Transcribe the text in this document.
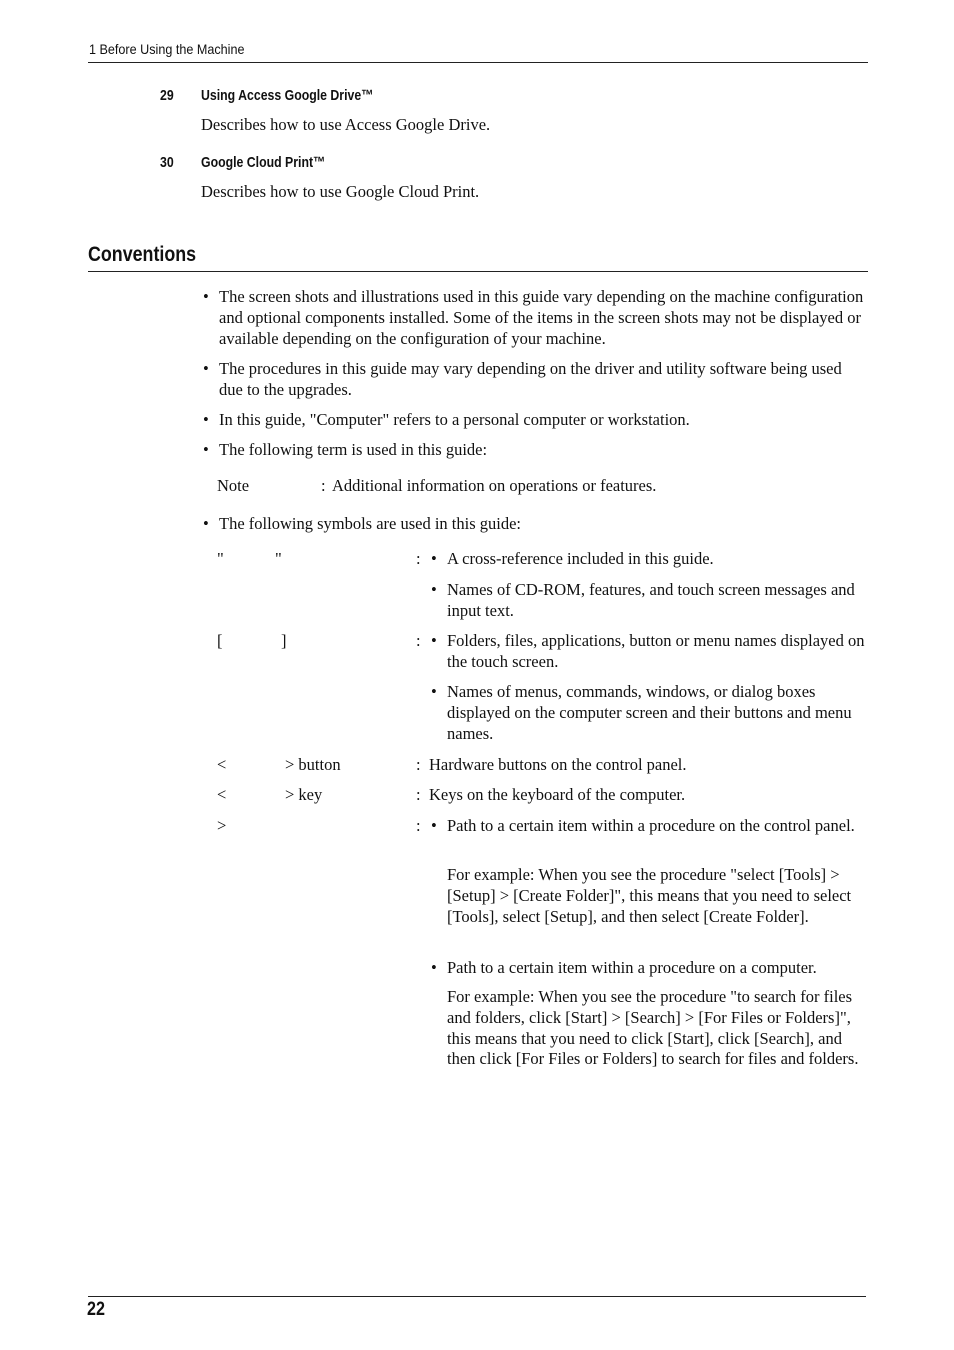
1 Before Using the Machine
29 Using Access Google Drive™
Describes how to use Access Google Drive.
30 Google Cloud Print™
Describes how to use Google Cloud Print.
Conventions
• The screen shots and illustrations used in this guide vary depending on the machine configuration and optional components installed. Some of the items in the screen shots may not be displayed or available depending on the configuration of your machine.
• The procedures in this guide may vary depending on the driver and utility software being used due to the upgrades.
• In this guide, "Computer" refers to a personal computer or workstation.
• The following term is used in this guide:
Note	: Additional information on operations or features.
• The following symbols are used in this guide:
"	"	: • A cross-reference included in this guide.
• Names of CD-ROM, features, and touch screen messages and input text.
[	]	: • Folders, files, applications, button or menu names displayed on the touch screen.
• Names of menus, commands, windows, or dialog boxes displayed on the computer screen and their buttons and menu names.
<	> button	: Hardware buttons on the control panel.
<	> key	: Keys on the keyboard of the computer.
>	: • Path to a certain item within a procedure on the control panel.
For example: When you see the procedure "select [Tools] > [Setup] > [Create Folder]", this means that you need to select [Tools], select [Setup], and then select [Create Folder].
• Path to a certain item within a procedure on a computer.
For example: When you see the procedure "to search for files and folders, click [Start] > [Search] > [For Files or Folders]", this means that you need to click [Start], click [Search], and then click [For Files or Folders] to search for files and folders.
22
